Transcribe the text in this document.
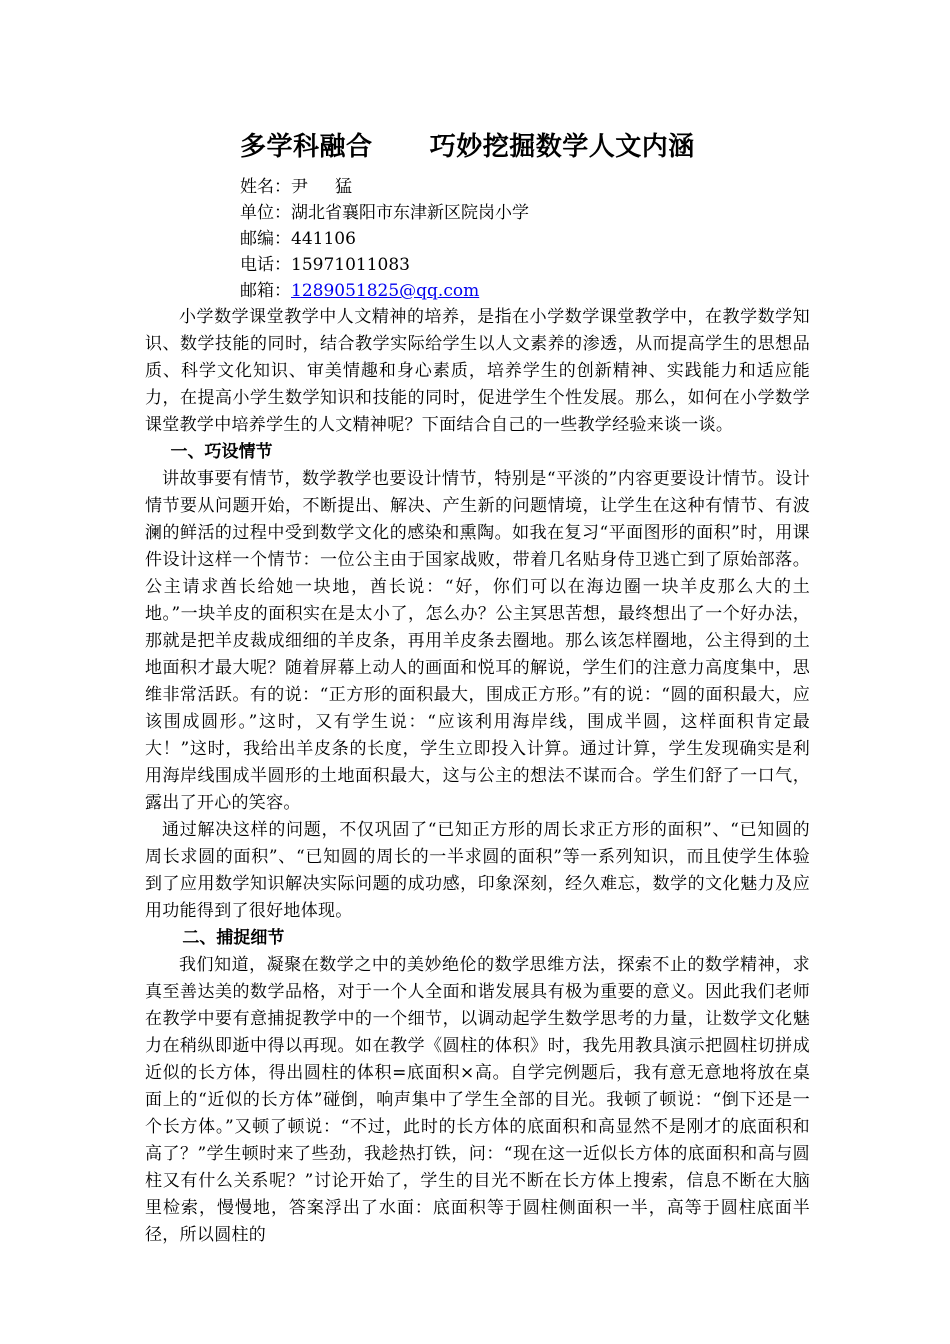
多学科融合      巧妙挖掘数学人文内涵
姓名：尹     猛
单位：湖北省襄阳市东津新区院岗小学
邮编：441106
电话：15971011083
邮箱：1289051825@qq.com

小学数学课堂教学中人文精神的培养，是指在小学数学课堂教学中，在教学数学知识、数学技能的同时，结合教学实际给学生以人文素养的渗透，从而提高学生的思想品质、科学文化知识、审美情趣和身心素质，培养学生的创新精神、实践能力和适应能力，在提高小学生数学知识和技能的同时，促进学生个性发展。那么，如何在小学数学课堂教学中培养学生的人文精神呢？下面结合自己的一些教学经验来谈一谈。

一、巧设情节

讲故事要有情节，数学教学也要设计情节，特别是“平淡的”内容更要设计情节。设计情节要从问题开始，不断提出、解决、产生新的问题情境，让学生在这种有情节、有波澜的鲜活的过程中受到数学文化的感染和熏陶。如我在复习“平面图形的面积”时，用课件设计这样一个情节：一位公主由于国家战败，带着几名贴身侍卫逃亡到了原始部落。公主请求酋长给她一块地，酋长说：“好，你们可以在海边圈一块羊皮那么大的土地。”一块羊皮的面积实在是太小了，怎么办？公主冥思苦想，最终想出了一个好办法，那就是把羊皮裁成细细的羊皮条，再用羊皮条去圈地。那么该怎样圈地，公主得到的土地面积才最大呢？随着屏幕上动人的画面和悦耳的解说，学生们的注意力高度集中，思维非常活跃。有的说：“正方形的面积最大，围成正方形。”有的说：“圆的面积最大，应该围成圆形。”这时，又有学生说：“应该利用海岸线，围成半圆，这样面积肯定最大！”这时，我给出羊皮条的长度，学生立即投入计算。通过计算，学生发现确实是利用海岸线围成半圆形的土地面积最大，这与公主的想法不谋而合。学生们舒了一口气，露出了开心的笑容。

通过解决这样的问题，不仅巩固了“已知正方形的周长求正方形的面积”、“已知圆的周长求圆的面积”、“已知圆的周长的一半求圆的面积”等一系列知识，而且使学生体验到了应用数学知识解决实际问题的成功感，印象深刻，经久难忘，数学的文化魅力及应用功能得到了很好地体现。

二、捕捉细节

我们知道，凝聚在数学之中的美妙绝伦的数学思维方法，探索不止的数学精神，求真至善达美的数学品格，对于一个人全面和谐发展具有极为重要的意义。因此我们老师在教学中要有意捕捉教学中的一个细节，以调动起学生数学思考的力量，让数学文化魅力在稍纵即逝中得以再现。如在教学《圆柱的体积》时，我先用教具演示把圆柱切拼成近似的长方体，得出圆柱的体积=底面积×高。自学完例题后，我有意无意地将放在桌面上的“近似的长方体”碰倒，响声集中了学生全部的目光。我顿了顿说：“倒下还是一个长方体。”又顿了顿说：“不过，此时的长方体的底面积和高显然不是刚才的底面积和高了？”学生顿时来了些劲，我趁热打铁，问：“现在这一近似长方体的底面积和高与圆柱又有什么关系呢？”讨论开始了，学生的目光不断在长方体上搜索，信息不断在大脑里检索，慢慢地，答案浮出了水面：底面积等于圆柱侧面积一半，高等于圆柱底面半径，所以圆柱的
